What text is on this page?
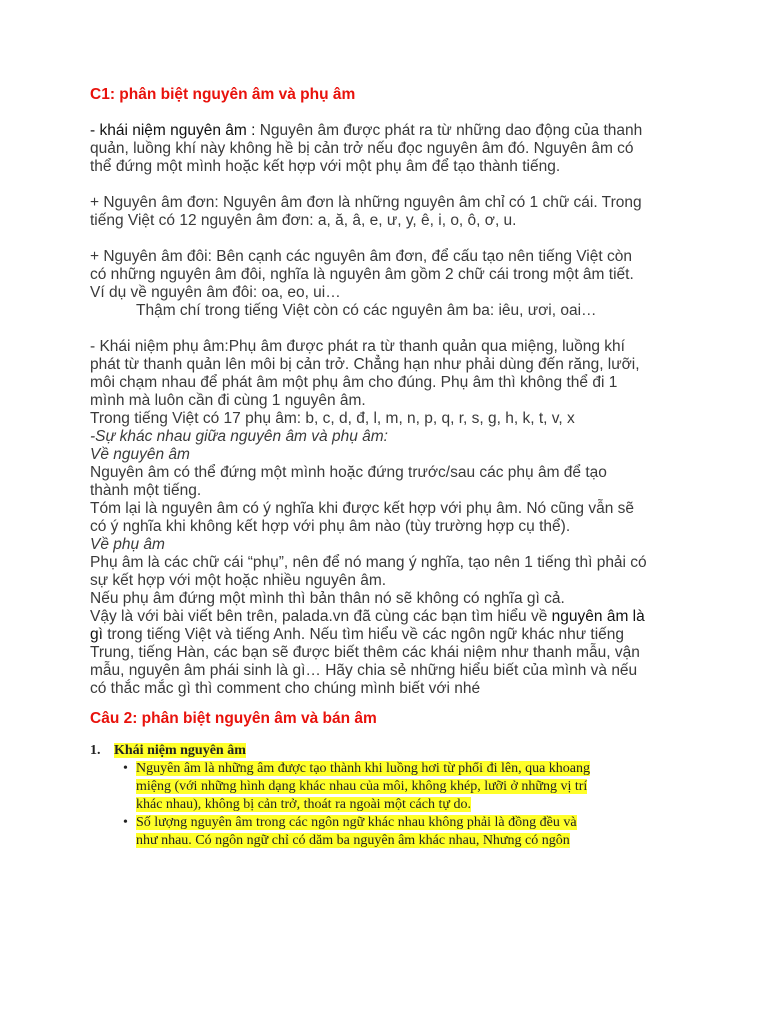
C1: phân biệt nguyên âm và phụ âm

- khái niệm nguyên âm : Nguyên âm được phát ra từ những dao động của thanh
quản, luồng khí này không hề bị cản trở nếu đọc nguyên âm đó. Nguyên âm có
thể đứng một mình hoặc kết hợp với một phụ âm để tạo thành tiếng.
+ Nguyên âm đơn: Nguyên âm đơn là những nguyên âm chỉ có 1 chữ cái. Trong
tiếng Việt có 12 nguyên âm đơn: a, ă, â, e, ư, y, ê, i, o, ô, ơ, u.
+ Nguyên âm đôi: Bên cạnh các nguyên âm đơn, để cấu tạo nên tiếng Việt còn
có những nguyên âm đôi, nghĩa là nguyên âm gồm 2 chữ cái trong một âm tiết.
Ví dụ về nguyên âm đôi: oa, eo, ui…
Thậm chí trong tiếng Việt còn có các nguyên âm ba: iêu, ươi, oai…
- Khái niệm phụ âm:Phụ âm được phát ra từ thanh quản qua miệng, luồng khí
phát từ thanh quản lên môi bị cản trở. Chẳng hạn như phải dùng đến răng, lưỡi,
môi chạm nhau để phát âm một phụ âm cho đúng. Phụ âm thì không thể đi 1
mình mà luôn cần đi cùng 1 nguyên âm.
Trong tiếng Việt có 17 phụ âm: b, c, d, đ, l, m, n, p, q, r, s, g, h, k, t, v, x
-Sự khác nhau giữa nguyên âm và phụ âm:
Về nguyên âm
Nguyên âm có thể đứng một mình hoặc đứng trước/sau các phụ âm để tạo
thành một tiếng.
Tóm lại là nguyên âm có ý nghĩa khi được kết hợp với phụ âm. Nó cũng vẫn sẽ
có ý nghĩa khi không kết hợp với phụ âm nào (tùy trường hợp cụ thể).
Về phụ âm
Phụ âm là các chữ cái “phụ”, nên để nó mang ý nghĩa, tạo nên 1 tiếng thì phải có
sự kết hợp với một hoặc nhiều nguyên âm.
Nếu phụ âm đứng một mình thì bản thân nó sẽ không có nghĩa gì cả.
Vậy là với bài viết bên trên, palada.vn đã cùng các bạn tìm hiểu về nguyên âm là
gì trong tiếng Việt và tiếng Anh. Nếu tìm hiểu về các ngôn ngữ khác như tiếng
Trung, tiếng Hàn, các bạn sẽ được biết thêm các khái niệm như thanh mẫu, vận
mẫu, nguyên âm phái sinh là gì… Hãy chia sẻ những hiểu biết của mình và nếu
có thắc mắc gì thì comment cho chúng mình biết với nhé

Câu 2: phân biệt nguyên âm và bán âm

1. Khái niệm nguyên âm
• Nguyên âm là những âm được tạo thành khi luồng hơi từ phổi đi lên, qua khoang
miệng (với những hình dạng khác nhau của môi, không khép, lưỡi ở những vị trí
khác nhau), không bị cản trở, thoát ra ngoài một cách tự do.
• Số lượng nguyên âm trong các ngôn ngữ khác nhau không phải là đồng đều và
như nhau. Có ngôn ngữ chỉ có dăm ba nguyên âm khác nhau, Nhưng có ngôn
